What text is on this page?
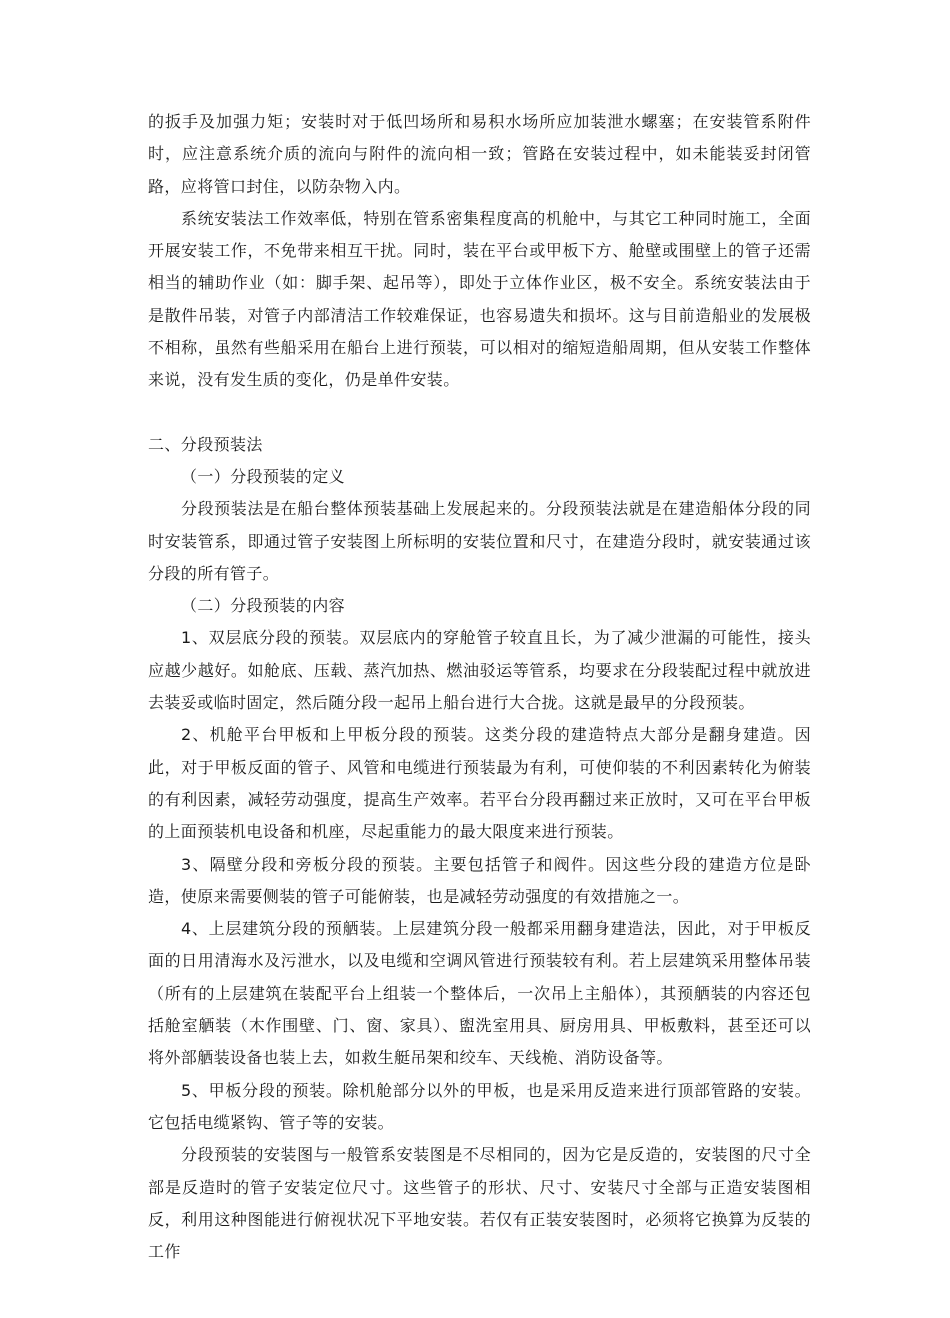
的扳手及加强力矩；安装时对于低凹场所和易积水场所应加装泄水螺塞；在安装管系附件时，应注意系统介质的流向与附件的流向相一致；管路在安装过程中，如未能装妥封闭管路，应将管口封住，以防杂物入内。

系统安装法工作效率低，特别在管系密集程度高的机舱中，与其它工种同时施工，全面开展安装工作，不免带来相互干扰。同时，装在平台或甲板下方、舱壁或围壁上的管子还需相当的辅助作业（如：脚手架、起吊等），即处于立体作业区，极不安全。系统安装法由于是散件吊装，对管子内部清洁工作较难保证，也容易遗失和损坏。这与目前造船业的发展极不相称，虽然有些船采用在船台上进行预装，可以相对的缩短造船周期，但从安装工作整体来说，没有发生质的变化，仍是单件安装。

二、分段预装法

（一）分段预装的定义

分段预装法是在船台整体预装基础上发展起来的。分段预装法就是在建造船体分段的同时安装管系，即通过管子安装图上所标明的安装位置和尺寸，在建造分段时，就安装通过该分段的所有管子。

（二）分段预装的内容

1、双层底分段的预装。双层底内的穿舱管子较直且长，为了减少泄漏的可能性，接头应越少越好。如舱底、压载、蒸汽加热、燃油驳运等管系，均要求在分段装配过程中就放进去装妥或临时固定，然后随分段一起吊上船台进行大合拢。这就是最早的分段预装。

2、机舱平台甲板和上甲板分段的预装。这类分段的建造特点大部分是翻身建造。因此，对于甲板反面的管子、风管和电缆进行预装最为有利，可使仰装的不利因素转化为俯装的有利因素，减轻劳动强度，提高生产效率。若平台分段再翻过来正放时，又可在平台甲板的上面预装机电设备和机座，尽起重能力的最大限度来进行预装。

3、隔壁分段和旁板分段的预装。主要包括管子和阀件。因这些分段的建造方位是卧造，使原来需要侧装的管子可能俯装，也是减轻劳动强度的有效措施之一。

4、上层建筑分段的预舾装。上层建筑分段一般都采用翻身建造法，因此，对于甲板反面的日用清海水及污泄水，以及电缆和空调风管进行预装较有利。若上层建筑采用整体吊装（所有的上层建筑在装配平台上组装一个整体后，一次吊上主船体），其预舾装的内容还包括舱室舾装（木作围壁、门、窗、家具）、盥洗室用具、厨房用具、甲板敷料，甚至还可以将外部舾装设备也装上去，如救生艇吊架和绞车、天线桅、消防设备等。

5、甲板分段的预装。除机舱部分以外的甲板，也是采用反造来进行顶部管路的安装。它包括电缆紧钩、管子等的安装。

分段预装的安装图与一般管系安装图是不尽相同的，因为它是反造的，安装图的尺寸全部是反造时的管子安装定位尺寸。这些管子的形状、尺寸、安装尺寸全部与正造安装图相反，利用这种图能进行俯视状况下平地安装。若仅有正装安装图时，必须将它换算为反装的工作
